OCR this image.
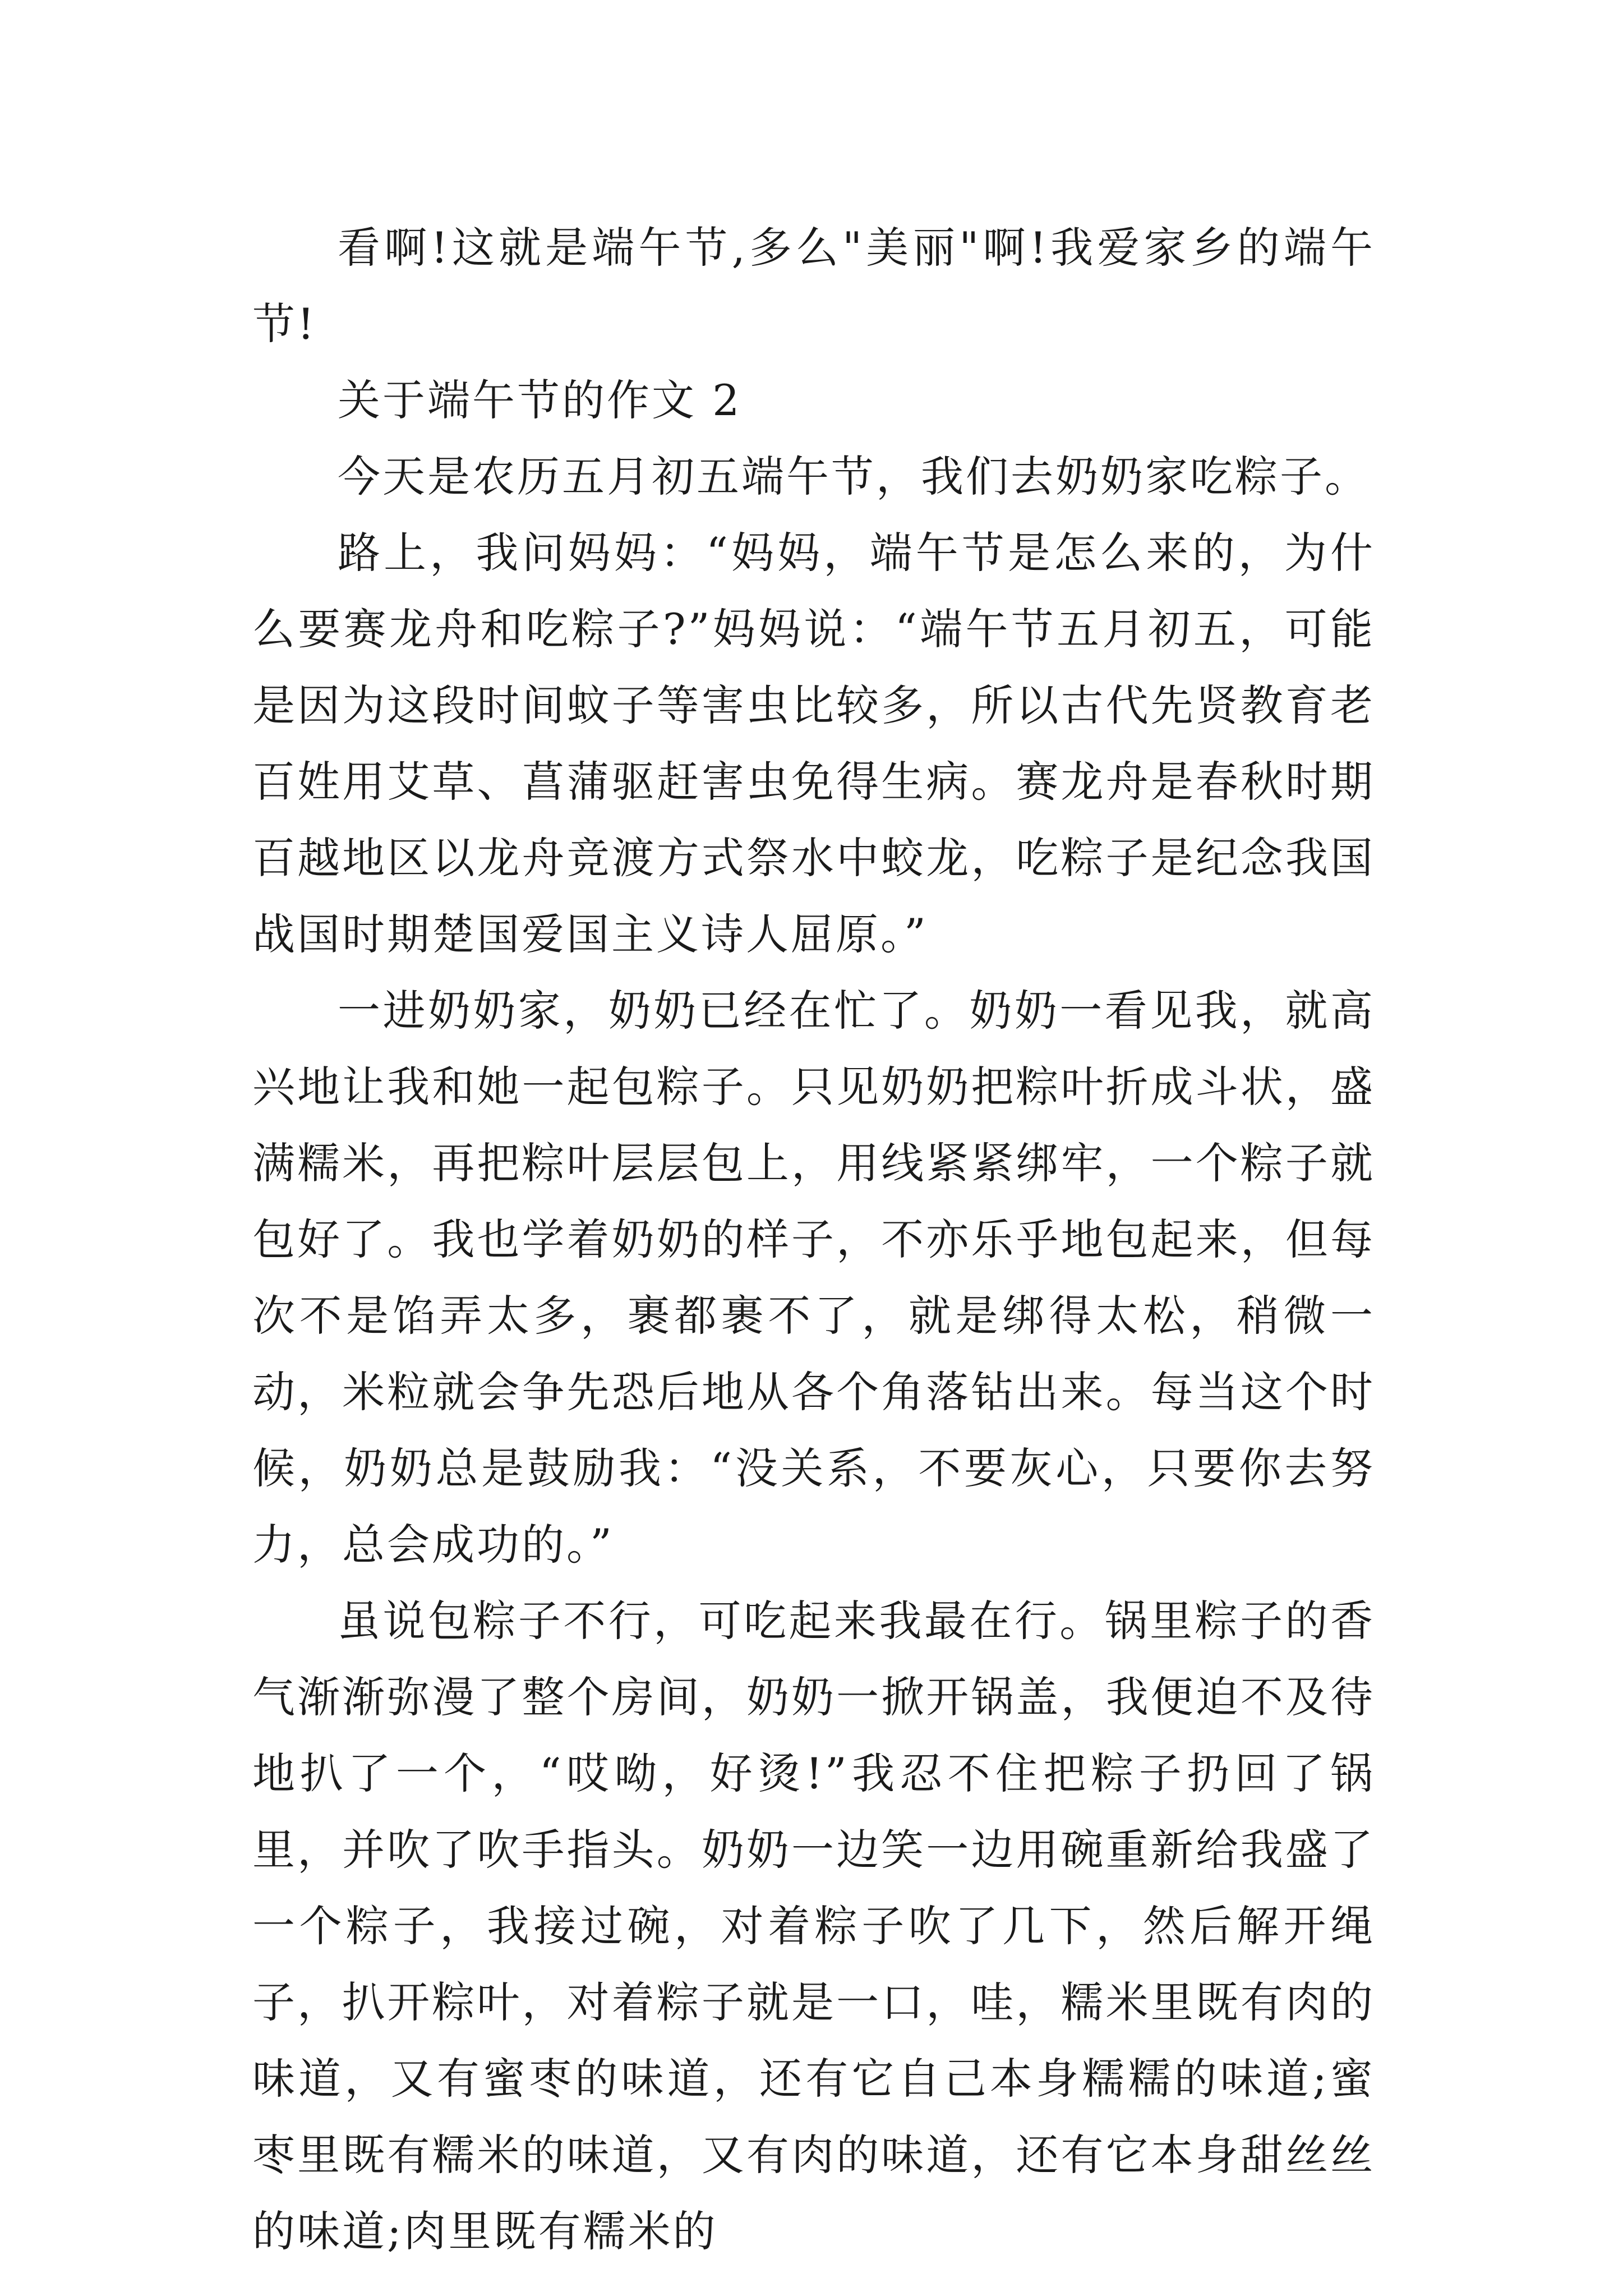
看啊!这就是端午节,多么"美丽"啊!我爱家乡的端午节!

关于端午节的作文 2

今天是农历五月初五端午节，我们去奶奶家吃粽子。

路上，我问妈妈：“妈妈，端午节是怎么来的，为什么要赛龙舟和吃粽子?”妈妈说：“端午节五月初五，可能是因为这段时间蚊子等害虫比较多，所以古代先贤教育老百姓用艾草、菖蒲驱赶害虫免得生病。赛龙舟是春秋时期百越地区以龙舟竞渡方式祭水中蛟龙，吃粽子是纪念我国战国时期楚国爱国主义诗人屈原。”

一进奶奶家，奶奶已经在忙了。奶奶一看见我，就高兴地让我和她一起包粽子。只见奶奶把粽叶折成斗状，盛满糯米，再把粽叶层层包上，用线紧紧绑牢，一个粽子就包好了。我也学着奶奶的样子，不亦乐乎地包起来，但每次不是馅弄太多，裹都裹不了，就是绑得太松，稍微一动，米粒就会争先恐后地从各个角落钻出来。每当这个时候，奶奶总是鼓励我：“没关系，不要灰心，只要你去努力，总会成功的。”

虽说包粽子不行，可吃起来我最在行。锅里粽子的香气渐渐弥漫了整个房间，奶奶一掀开锅盖，我便迫不及待地扒了一个，“哎呦，好烫!”我忍不住把粽子扔回了锅里，并吹了吹手指头。奶奶一边笑一边用碗重新给我盛了一个粽子，我接过碗，对着粽子吹了几下，然后解开绳子，扒开粽叶，对着粽子就是一口，哇，糯米里既有肉的味道，又有蜜枣的味道，还有它自己本身糯糯的味道;蜜枣里既有糯米的味道，又有肉的味道，还有它本身甜丝丝的味道;肉里既有糯米的
